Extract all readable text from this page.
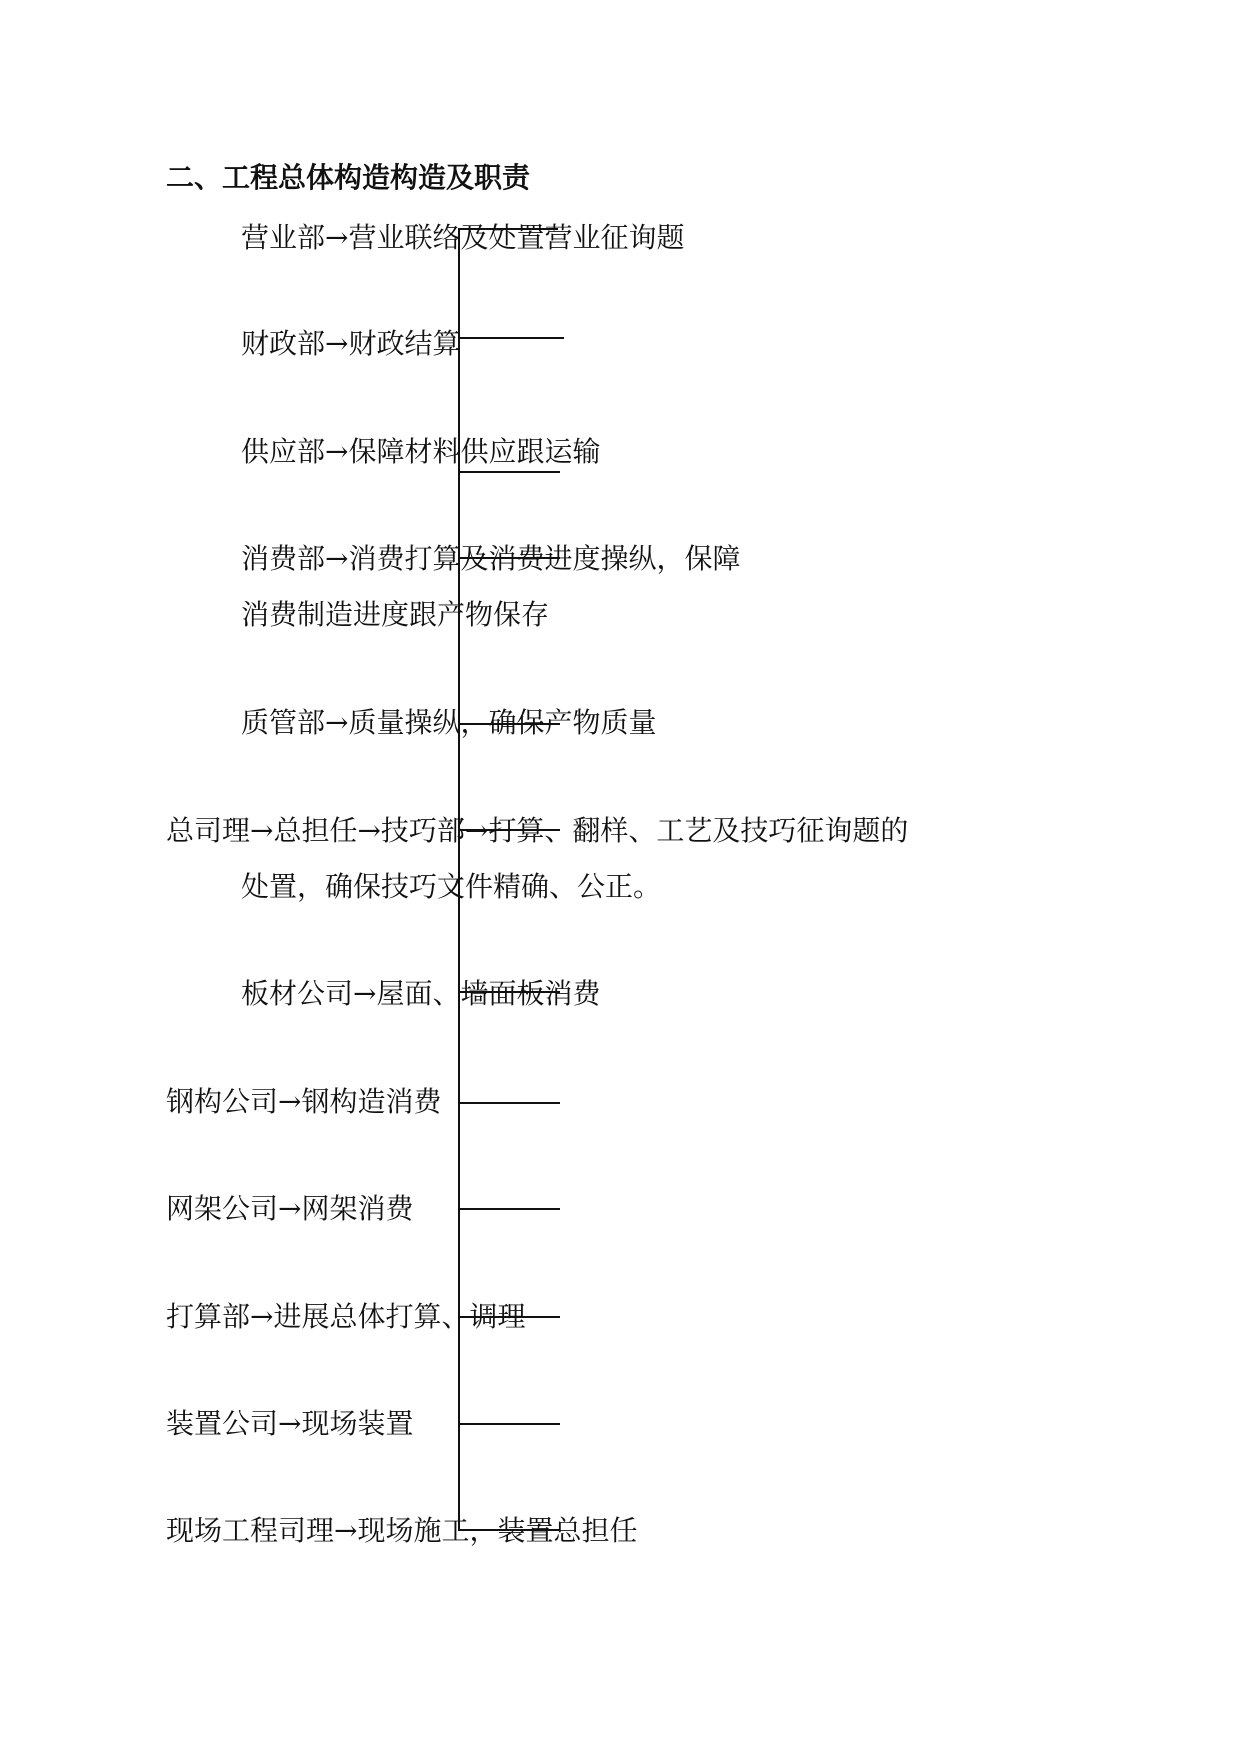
二、工程总体构造构造及职责
营业部→营业联络及处置营业征询题
财政部→财政结算
供应部→保障材料供应跟运输
消费部→消费打算及消费进度操纵，保障
消费制造进度跟产物保存
质管部→质量操纵，确保产物质量
总司理→总担任→技巧部→打算、翻样、工艺及技巧征询题的
处置，确保技巧文件精确、公正。
板材公司→屋面、墙面板消费
钢构公司→钢构造消费
网架公司→网架消费
打算部→进展总体打算、调理
装置公司→现场装置
现场工程司理→现场施工，装置总担任
